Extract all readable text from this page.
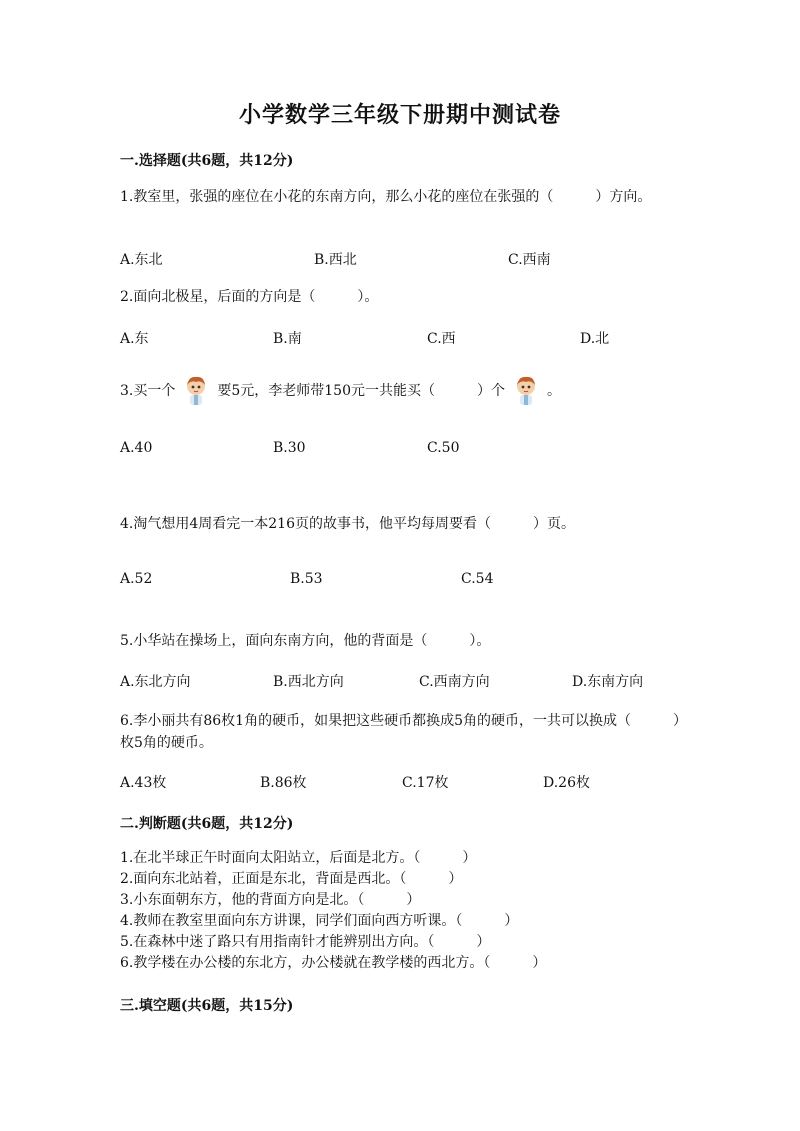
小学数学三年级下册期中测试卷
一.选择题(共6题，共12分)
1.教室里，张强的座位在小花的东南方向，那么小花的座位在张强的（　　　）方向。
A.东北	B.西北	C.西南
2.面向北极星，后面的方向是（　　　）。
A.东	B.南	C.西	D.北
3.买一个	要5元，李老师带150元一共能买（　　　）个	。
A.40	B.30	C.50
4.淘气想用4周看完一本216页的故事书，他平均每周要看（　　　）页。
A.52	B.53	C.54
5.小华站在操场上，面向东南方向，他的背面是（　　　）。
A.东北方向	B.西北方向	C.西南方向	D.东南方向
6.李小丽共有86枚1角的硬币，如果把这些硬币都换成5角的硬币，一共可以换成（　　　）枚5角的硬币。
A.43枚	B.86枚	C.17枚	D.26枚
二.判断题(共6题，共12分)
1.在北半球正午时面向太阳站立，后面是北方。（　　　）
2.面向东北站着，正面是东北，背面是西北。（　　　）
3.小东面朝东方，他的背面方向是北。（　　　）
4.教师在教室里面向东方讲课，同学们面向西方听课。（　　　）
5.在森林中迷了路只有用指南针才能辨别出方向。（　　　）
6.教学楼在办公楼的东北方，办公楼就在教学楼的西北方。（　　　）
三.填空题(共6题，共15分)
